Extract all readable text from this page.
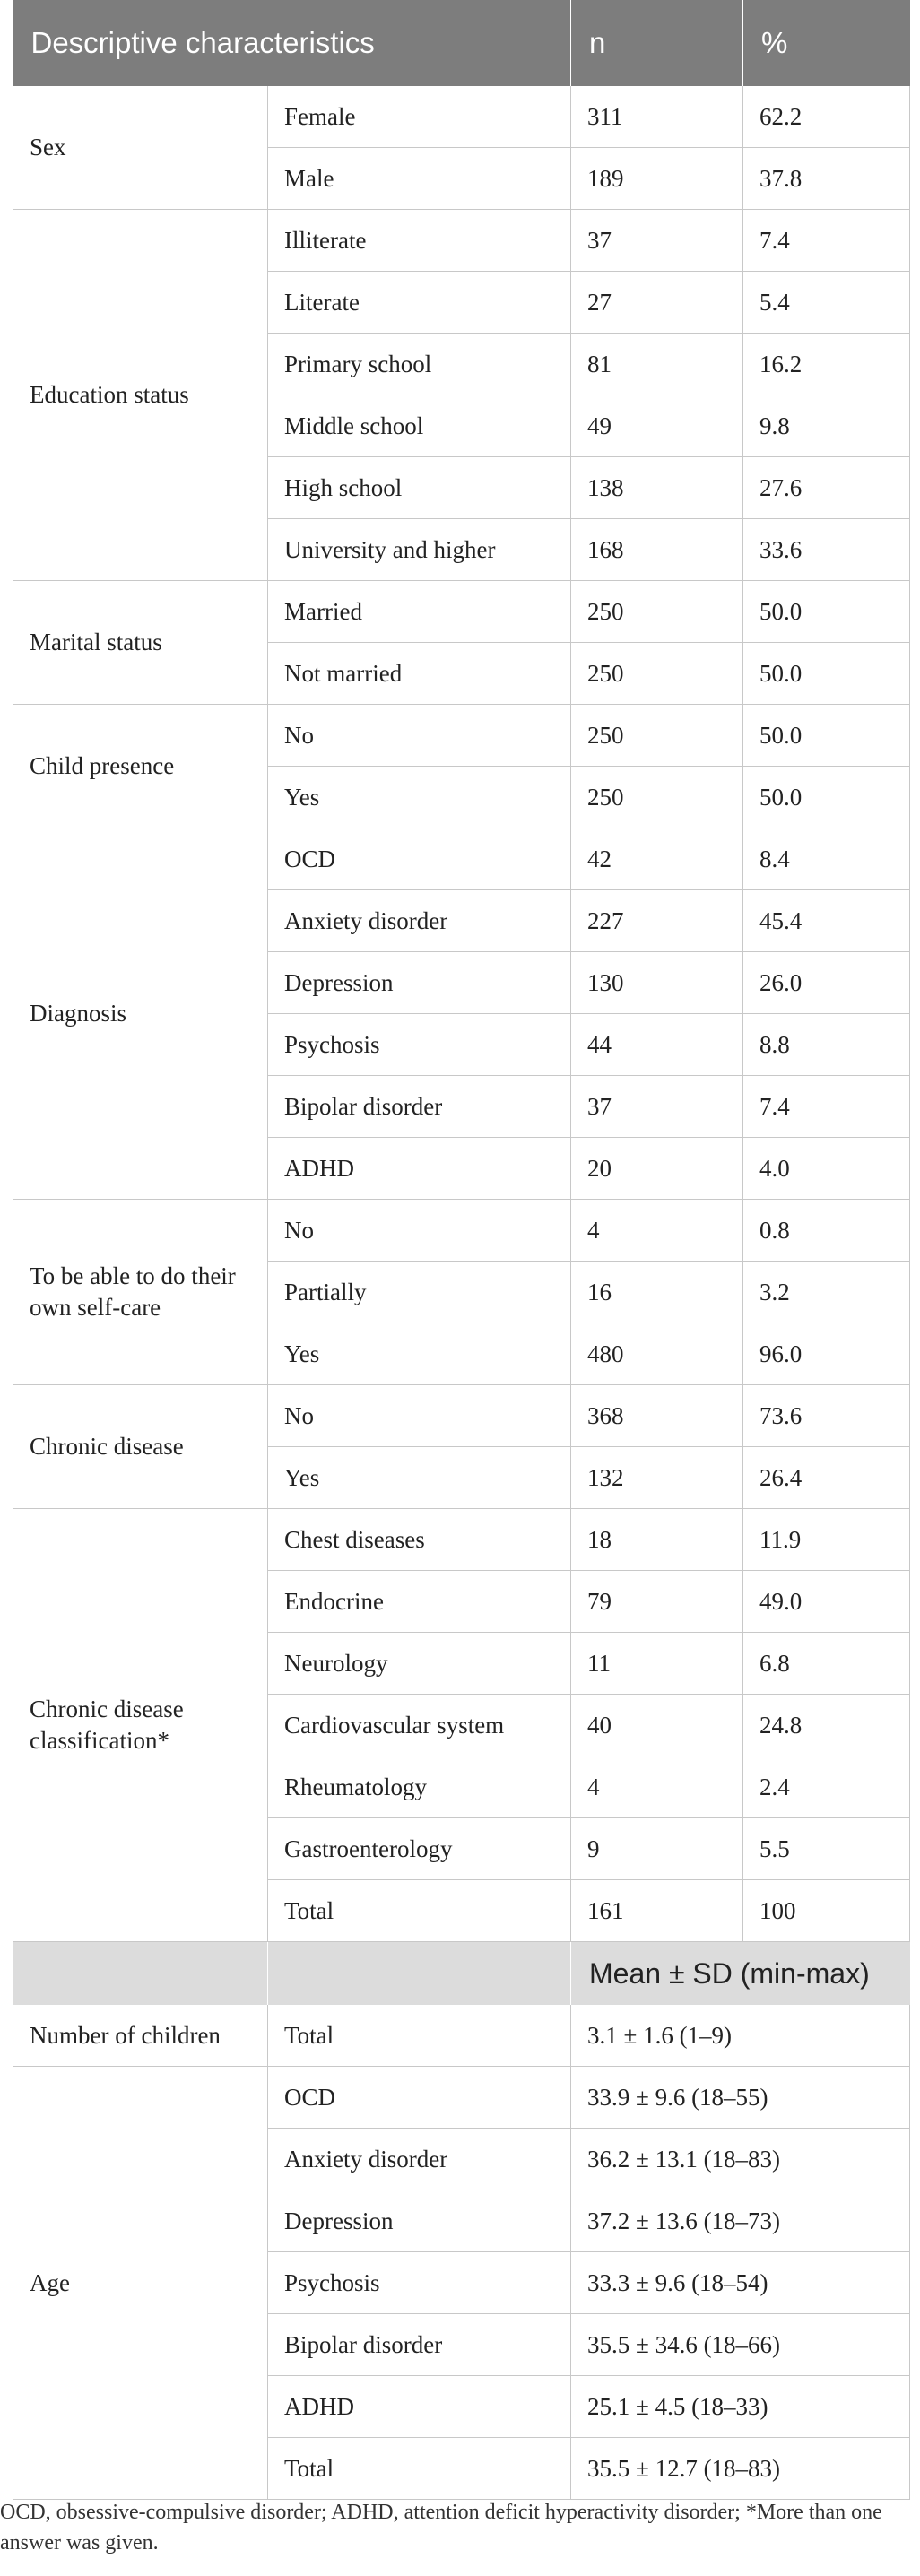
Descriptive characteristics		n	%
Sex	Female	311	62.2
	Male	189	37.8
Education status	Illiterate	37	7.4
	Literate	27	5.4
	Primary school	81	16.2
	Middle school	49	9.8
	High school	138	27.6
	University and higher	168	33.6
Marital status	Married	250	50.0
	Not married	250	50.0
Child presence	No	250	50.0
	Yes	250	50.0
Diagnosis	OCD	42	8.4
	Anxiety disorder	227	45.4
	Depression	130	26.0
	Psychosis	44	8.8
	Bipolar disorder	37	7.4
	ADHD	20	4.0
To be able to do their own self-care	No	4	0.8
	Partially	16	3.2
	Yes	480	96.0
Chronic disease	No	368	73.6
	Yes	132	26.4
Chronic disease classification*	Chest diseases	18	11.9
	Endocrine	79	49.0
	Neurology	11	6.8
	Cardiovascular system	40	24.8
	Rheumatology	4	2.4
	Gastroenterology	9	5.5
	Total	161	100
		Mean ± SD (min-max)	
Number of children	Total	3.1 ± 1.6 (1–9)	
Age	OCD	33.9 ± 9.6 (18–55)	
	Anxiety disorder	36.2 ± 13.1 (18–83)	
	Depression	37.2 ± 13.6 (18–73)	
	Psychosis	33.3 ± 9.6 (18–54)	
	Bipolar disorder	35.5 ± 34.6 (18–66)	
	ADHD	25.1 ± 4.5 (18–33)	
	Total	35.5 ± 12.7 (18–83)	
OCD, obsessive-compulsive disorder; ADHD, attention deficit hyperactivity disorder; *More than one answer was given.
